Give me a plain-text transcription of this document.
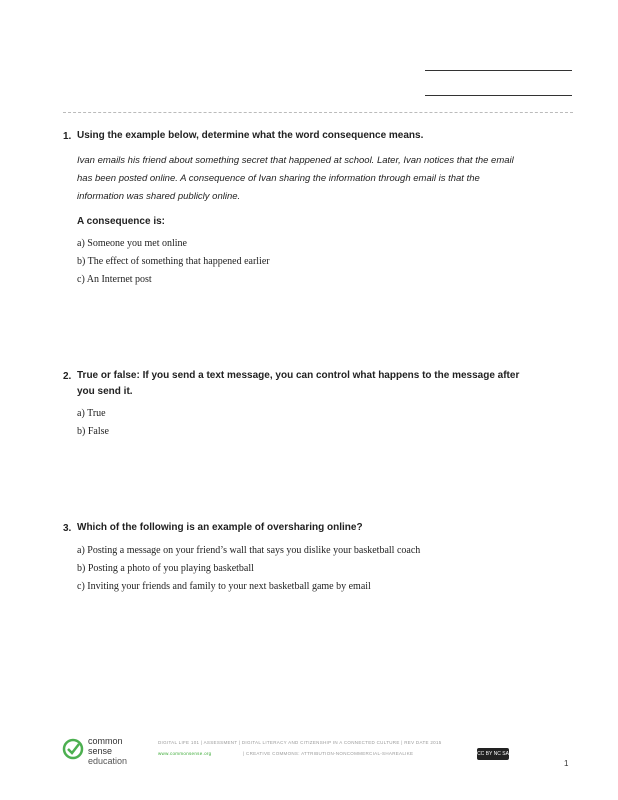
1. Using the example below, determine what the word consequence means.
Ivan emails his friend about something secret that happened at school. Later, Ivan notices that the email has been posted online. A consequence of Ivan sharing the information through email is that the information was shared publicly online.
A consequence is:
a) Someone you met online
b) The effect of something that happened earlier
c) An Internet post
2. True or false: If you send a text message, you can control what happens to the message after you send it.
a) True
b) False
3. Which of the following is an example of oversharing online?
a) Posting a message on your friend’s wall that says you dislike your basketball coach
b) Posting a photo of you playing basketball
c) Inviting your friends and family to your next basketball game by email
common
sense
education
DIGITAL LIFE 101 | ASSESSMENT | DIGITAL LITERACY AND CITIZENSHIP IN A CONNECTED CULTURE | REV DATE 2015
www.commonsense.org	| CREATIVE COMMONS: ATTRIBUTION-NONCOMMERCIAL-SHAREALIKE	CC BY NC SA
1
